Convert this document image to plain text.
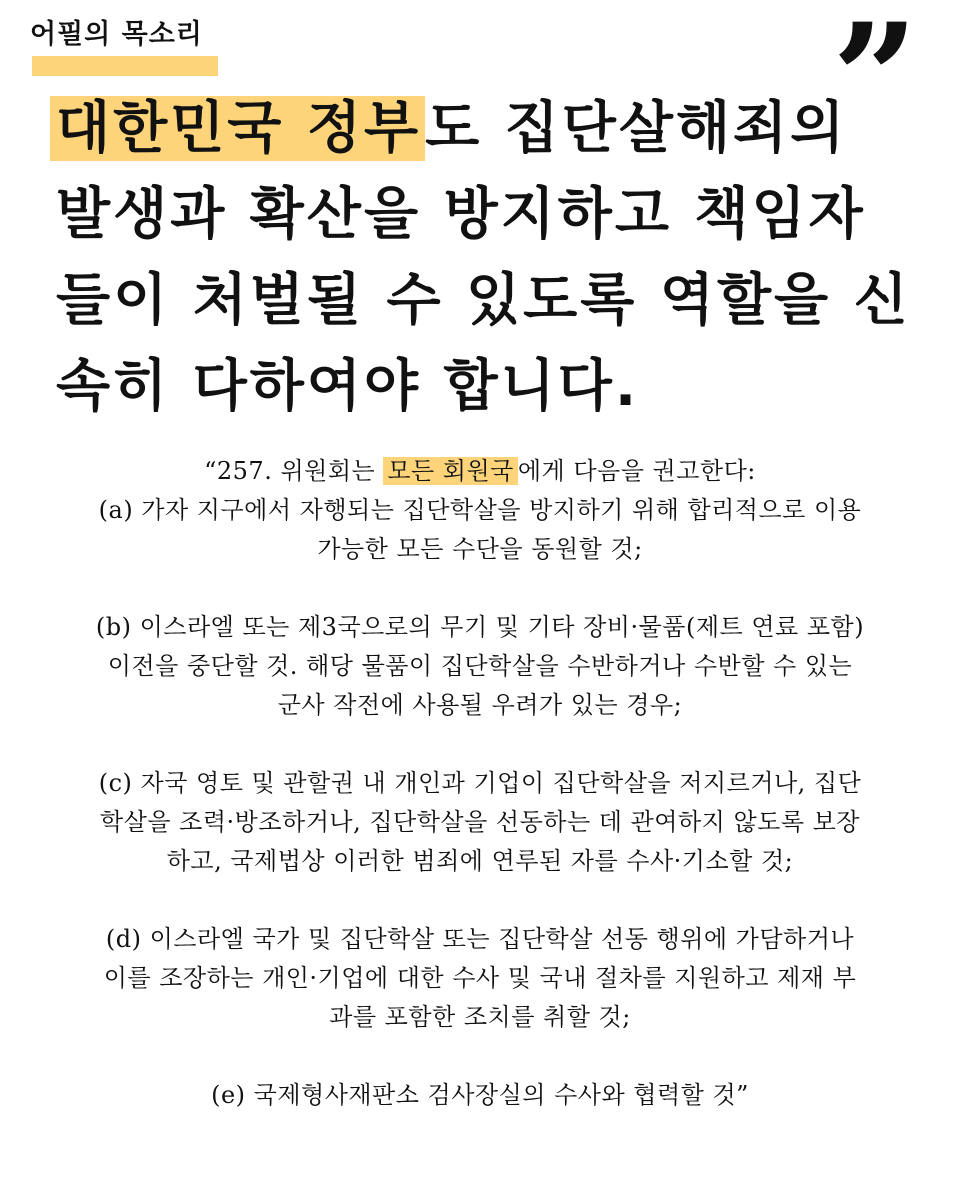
어필의 목소리	”
대한민국 정부도 집단살해죄의
발생과 확산을 방지하고 책임자
들이 처벌될 수 있도록 역할을 신
속히 다하여야 합니다.

“257. 위원회는 모든 회원국 에게 다음을 권고한다:

(a) 가자 지구에서 자행되는 집단학살을 방지하기 위해 합리적으로 이용
가능한 모든 수단을 동원할 것;

(b) 이스라엘 또는 제3국으로의 무기 및 기타 장비·물품(제트 연료 포함)
이전을 중단할 것. 해당 물품이 집단학살을 수반하거나 수반할 수 있는
군사 작전에 사용될 우려가 있는 경우;

(c) 자국 영토 및 관할권 내 개인과 기업이 집단학살을 저지르거나, 집단
학살을 조력·방조하거나, 집단학살을 선동하는 데 관여하지 않도록 보장
하고, 국제법상 이러한 범죄에 연루된 자를 수사·기소할 것;

(d) 이스라엘 국가 및 집단학살 또는 집단학살 선동 행위에 가담하거나
이를 조장하는 개인·기업에 대한 수사 및 국내 절차를 지원하고 제재 부
과를 포함한 조치를 취할 것;

(e) 국제형사재판소 검사장실의 수사와 협력할 것”
